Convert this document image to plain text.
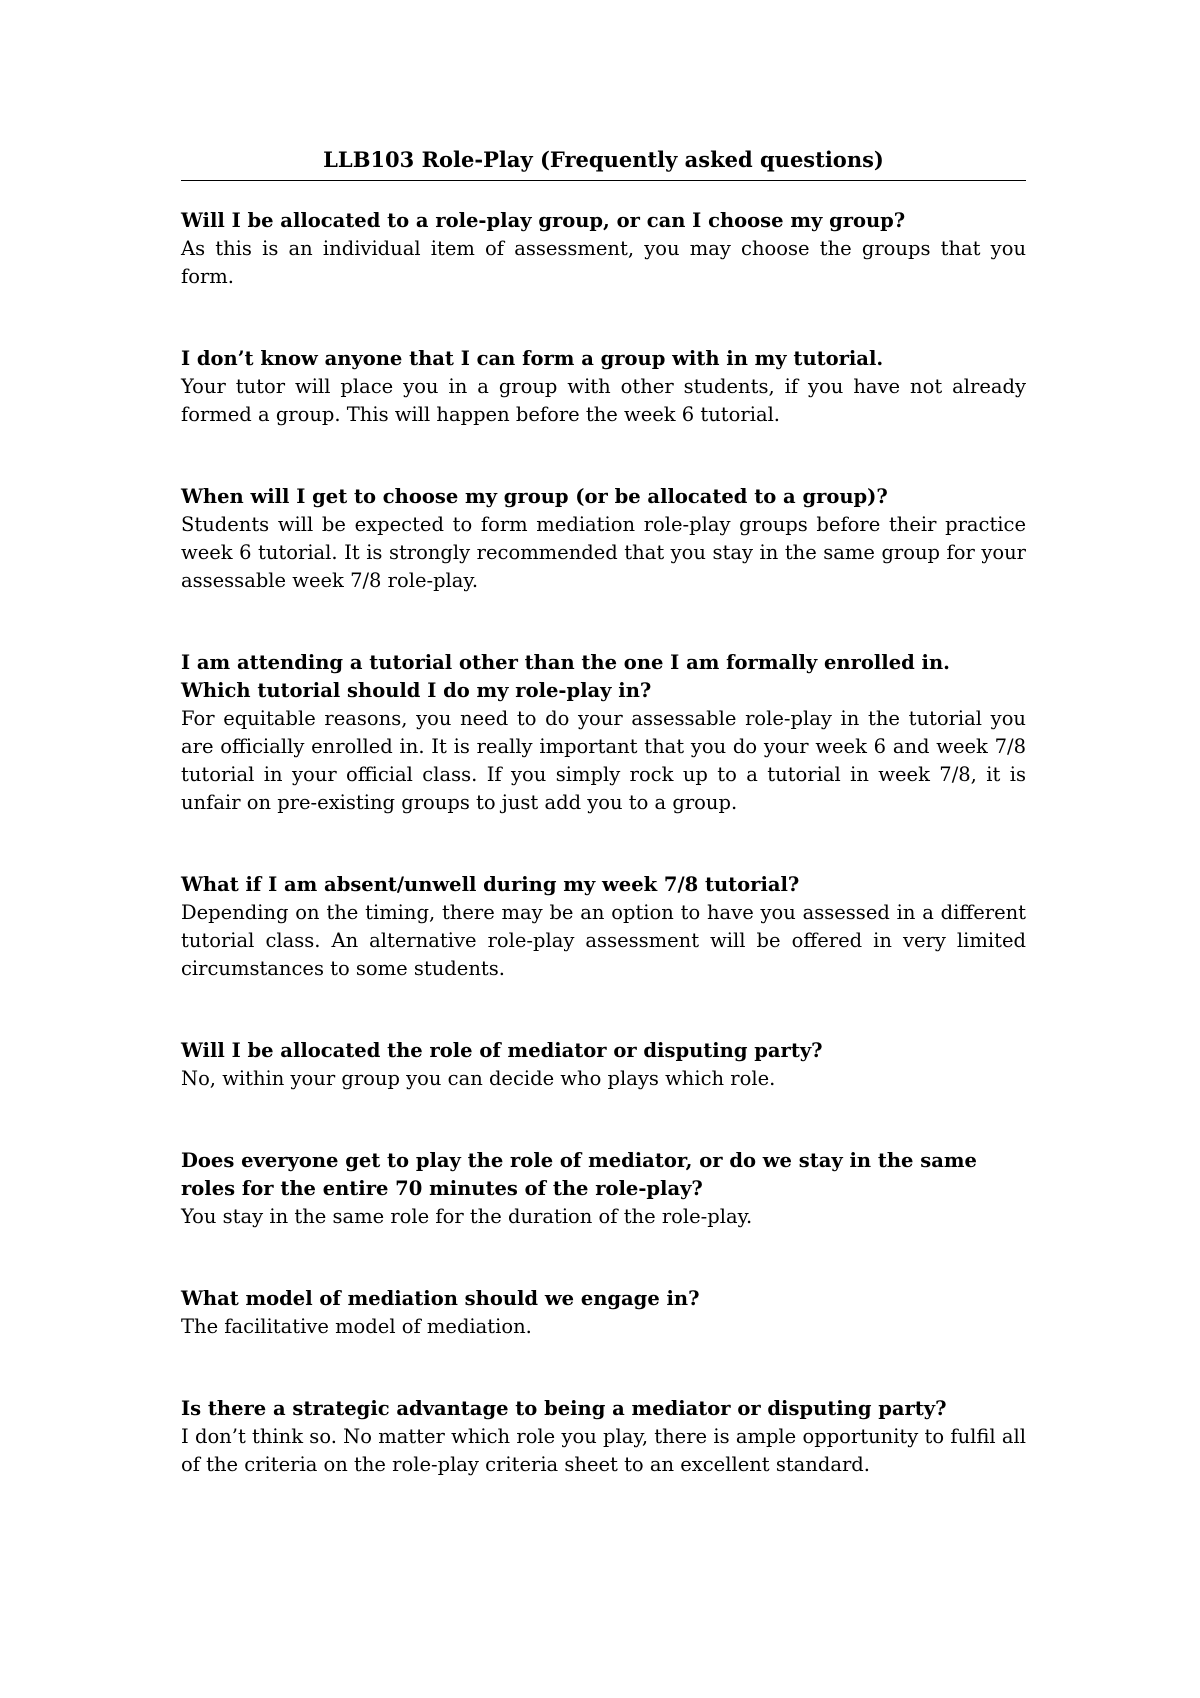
LLB103 Role-Play (Frequently asked questions)

Will I be allocated to a role-play group, or can I choose my group?

As this is an individual item of assessment, you may choose the groups that you form.

I don’t know anyone that I can form a group with in my tutorial.

Your tutor will place you in a group with other students, if you have not already formed a group. This will happen before the week 6 tutorial.

When will I get to choose my group (or be allocated to a group)?

Students will be expected to form mediation role-play groups before their practice week 6 tutorial. It is strongly recommended that you stay in the same group for your assessable week 7/8 role-play.

I am attending a tutorial other than the one I am formally enrolled in. Which tutorial should I do my role-play in?

For equitable reasons, you need to do your assessable role-play in the tutorial you are officially enrolled in. It is really important that you do your week 6 and week 7/8 tutorial in your official class. If you simply rock up to a tutorial in week 7/8, it is unfair on pre-existing groups to just add you to a group.

What if I am absent/unwell during my week 7/8 tutorial?

Depending on the timing, there may be an option to have you assessed in a different tutorial class. An alternative role-play assessment will be offered in very limited circumstances to some students.

Will I be allocated the role of mediator or disputing party?

No, within your group you can decide who plays which role.

Does everyone get to play the role of mediator, or do we stay in the same roles for the entire 70 minutes of the role-play?

You stay in the same role for the duration of the role-play.

What model of mediation should we engage in?

The facilitative model of mediation.

Is there a strategic advantage to being a mediator or disputing party?

I don’t think so. No matter which role you play, there is ample opportunity to fulfil all of the criteria on the role-play criteria sheet to an excellent standard.
